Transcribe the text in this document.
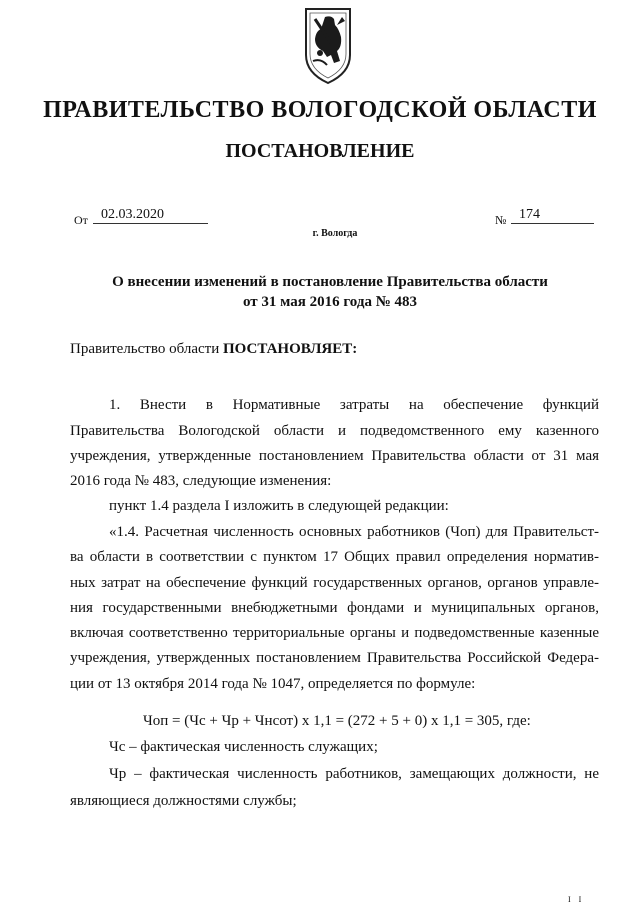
ПРАВИТЕЛЬСТВО ВОЛОГОДСКОЙ ОБЛАСТИ
ПОСТАНОВЛЕНИЕ
От 02.03.2020	№ 174
г. Вологда
О внесении изменений в постановление Правительства области
от 31 мая 2016 года № 483
Правительство области ПОСТАНОВЛЯЕТ:
1. Внести в Нормативные затраты на обеспечение функций
Правительства Вологодской области и подведомственного ему казенного
учреждения, утвержденные постановлением Правительства области от 31 мая
2016 года № 483, следующие изменения:
пункт 1.4 раздела I изложить в следующей редакции:
«1.4. Расчетная численность основных работников (Чоп) для Правительст-
ва области в соответствии с пунктом 17 Общих правил определения норматив-
ных затрат на обеспечение функций государственных органов, органов управле-
ния государственными внебюджетными фондами и муниципальных органов,
включая соответственно территориальные органы и подведомственные казенные
учреждения, утвержденных постановлением Правительства Российской Федера-
ции от 13 октября 2014 года № 1047, определяется по формуле:
Чоп = (Чс + Чр + Чнсот) x 1,1 = (272 + 5 + 0) x 1,1 = 305, где:
Чс – фактическая численность служащих;
Чр – фактическая численность работников, замещающих должности, не
являющиеся должностями службы;
I I
